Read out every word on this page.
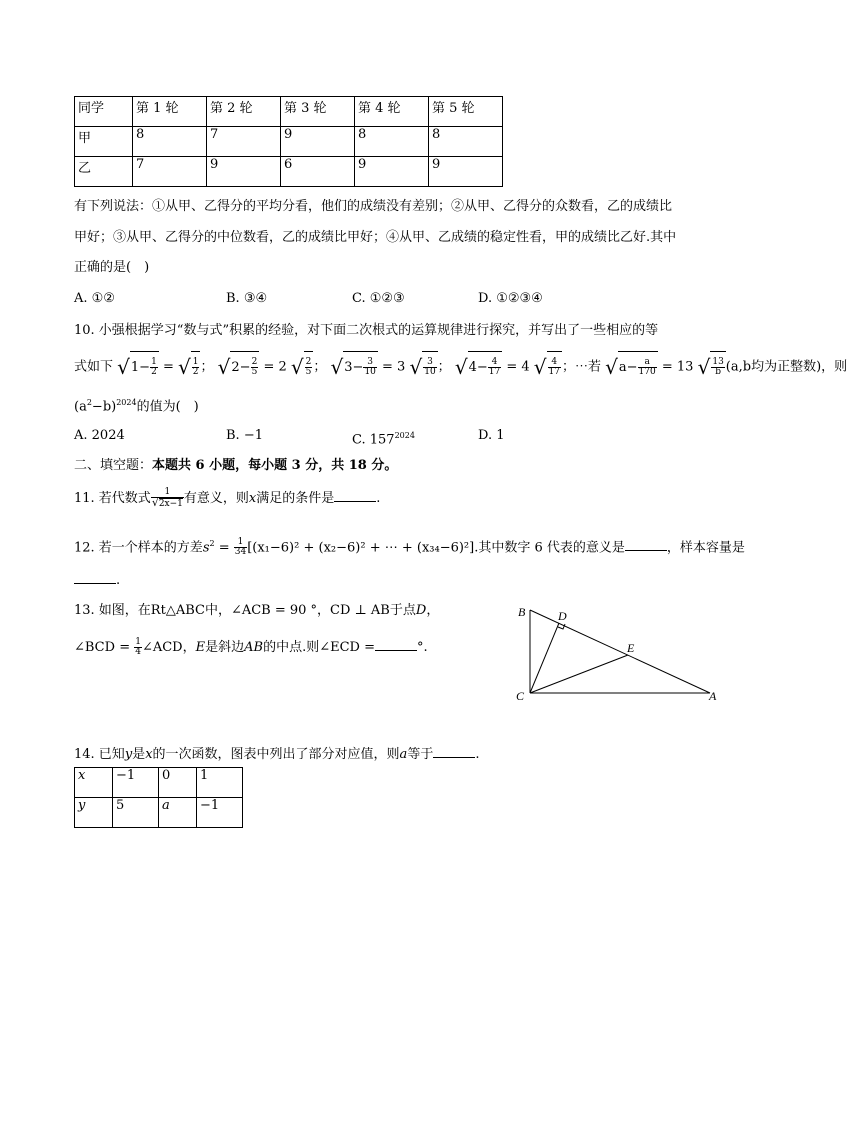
同学	第 1 轮	第 2 轮	第 3 轮	第 4 轮	第 5 轮
甲	8	7	9	8	8
乙	7	9	6	9	9
有下列说法：①从甲、乙得分的平均分看，他们的成绩没有差别；②从甲、乙得分的众数看，乙的成绩比
甲好；③从甲、乙得分的中位数看，乙的成绩比甲好；④从甲、乙成绩的稳定性看，甲的成绩比乙好.其中
正确的是(　)
A. ①②	B. ③④	C. ①②③	D. ①②③④
10. 小强根据学习“数与式”积累的经验，对下面二次根式的运算规律进行探究，并写出了一些相应的等
式如下 $√1- \frac{1}{2}$ = √ $\frac{1}{2}$ ； $√2- \frac{2}{5} = 2$ √ $\frac{2}{5}$ ； $√3- \frac{3}{10} = 3$ √ $\frac{3}{10}$ ； $√4- \frac{4}{17} = 4$ √ $\frac{4}{17}$ ；⋯若 $√a- \frac{a}{170} = 13$ √ $\frac{13}{b} (a,b$均为正整数)，则
$(a^2-b)^{2024}$的值为(　)
A. 2024	B. −1	C. $157^{2024}$	D. 1
二、填空题：本题共 6 小题，每小题 3 分，共 18 分。
11. 若代数式 $\frac{1}{√2x-1}$ 有意义，则x满足的条件是	.
12. 若一个样本的方差$s^2 = \frac{1}{34} [(x_1-6)^2 + (x_2-6)^2$ + ⋯ + (x₃₄−6)²].其中数字 6 代表的意义是	，样本容量是
.
13. 如图，在Rt△ABC中，∠ACB = 90 °，CD ⊥ AB于点D，
∠BCD = $\frac{1}{4}$ ∠ACD，E是斜边AB的中点.则∠ECD =	°.
B	D
E
C	A
14. 已知y是x的一次函数，图表中列出了部分对应值，则a等于	.
x	−1	0	1
y	5	a	−1
